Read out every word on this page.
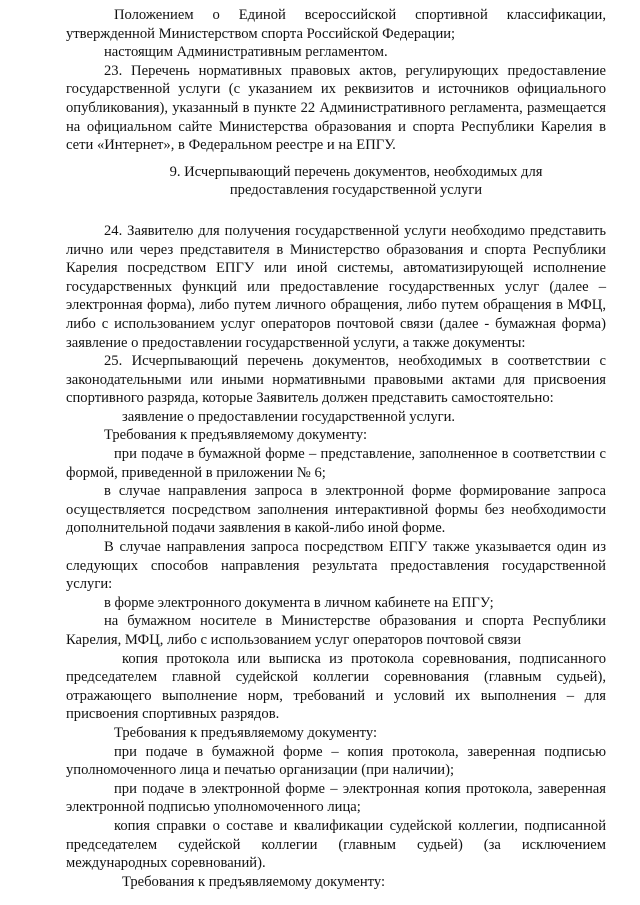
Положением о Единой всероссийской спортивной классификации, утвержденной Министерством спорта Российской Федерации;

настоящим Административным регламентом.

23. Перечень нормативных правовых актов, регулирующих предоставление государственной услуги (с указанием их реквизитов и источников официального опубликования), указанный в пункте 22 Административного регламента, размещается на официальном сайте Министерства образования и спорта Республики Карелия в сети «Интернет», в Федеральном реестре и на ЕПГУ.

9. Исчерпывающий перечень документов, необходимых для
предоставления государственной услуги

24. Заявителю для получения государственной услуги необходимо представить лично или через представителя в Министерство образования и спорта Республики Карелия посредством ЕПГУ или иной системы, автоматизирующей исполнение государственных функций или предоставление государственных услуг (далее – электронная форма), либо путем личного обращения, либо путем обращения в МФЦ, либо с использованием услуг операторов почтовой связи (далее - бумажная форма) заявление о предоставлении государственной услуги, а также документы:

25. Исчерпывающий перечень документов, необходимых в соответствии с законодательными или иными нормативными правовыми актами для присвоения спортивного разряда, которые Заявитель должен представить самостоятельно:

заявление о предоставлении государственной услуги.

Требования к предъявляемому документу:

при подаче в бумажной форме – представление, заполненное в соответствии с формой, приведенной в приложении № 6;

в случае направления запроса в электронной форме формирование запроса осуществляется посредством заполнения интерактивной формы без необходимости дополнительной подачи заявления в какой-либо иной форме.

В случае направления запроса посредством ЕПГУ также указывается один из следующих способов направления результата предоставления государственной услуги:

в форме электронного документа в личном кабинете на ЕПГУ;

на бумажном носителе в Министерстве образования и спорта Республики Карелия, МФЦ, либо с использованием услуг операторов почтовой связи

копия протокола или выписка из протокола соревнования, подписанного председателем главной судейской коллегии соревнования (главным судьей), отражающего выполнение норм, требований и условий их выполнения – для присвоения спортивных разрядов.

Требования к предъявляемому документу:

при подаче в бумажной форме – копия протокола, заверенная подписью уполномоченного лица и печатью организации (при наличии);

при подаче в электронной форме – электронная копия протокола, заверенная электронной подписью уполномоченного лица;

копия справки о составе и квалификации судейской коллегии, подписанной председателем судейской коллегии (главным судьей) (за исключением международных соревнований).

Требования к предъявляемому документу:
